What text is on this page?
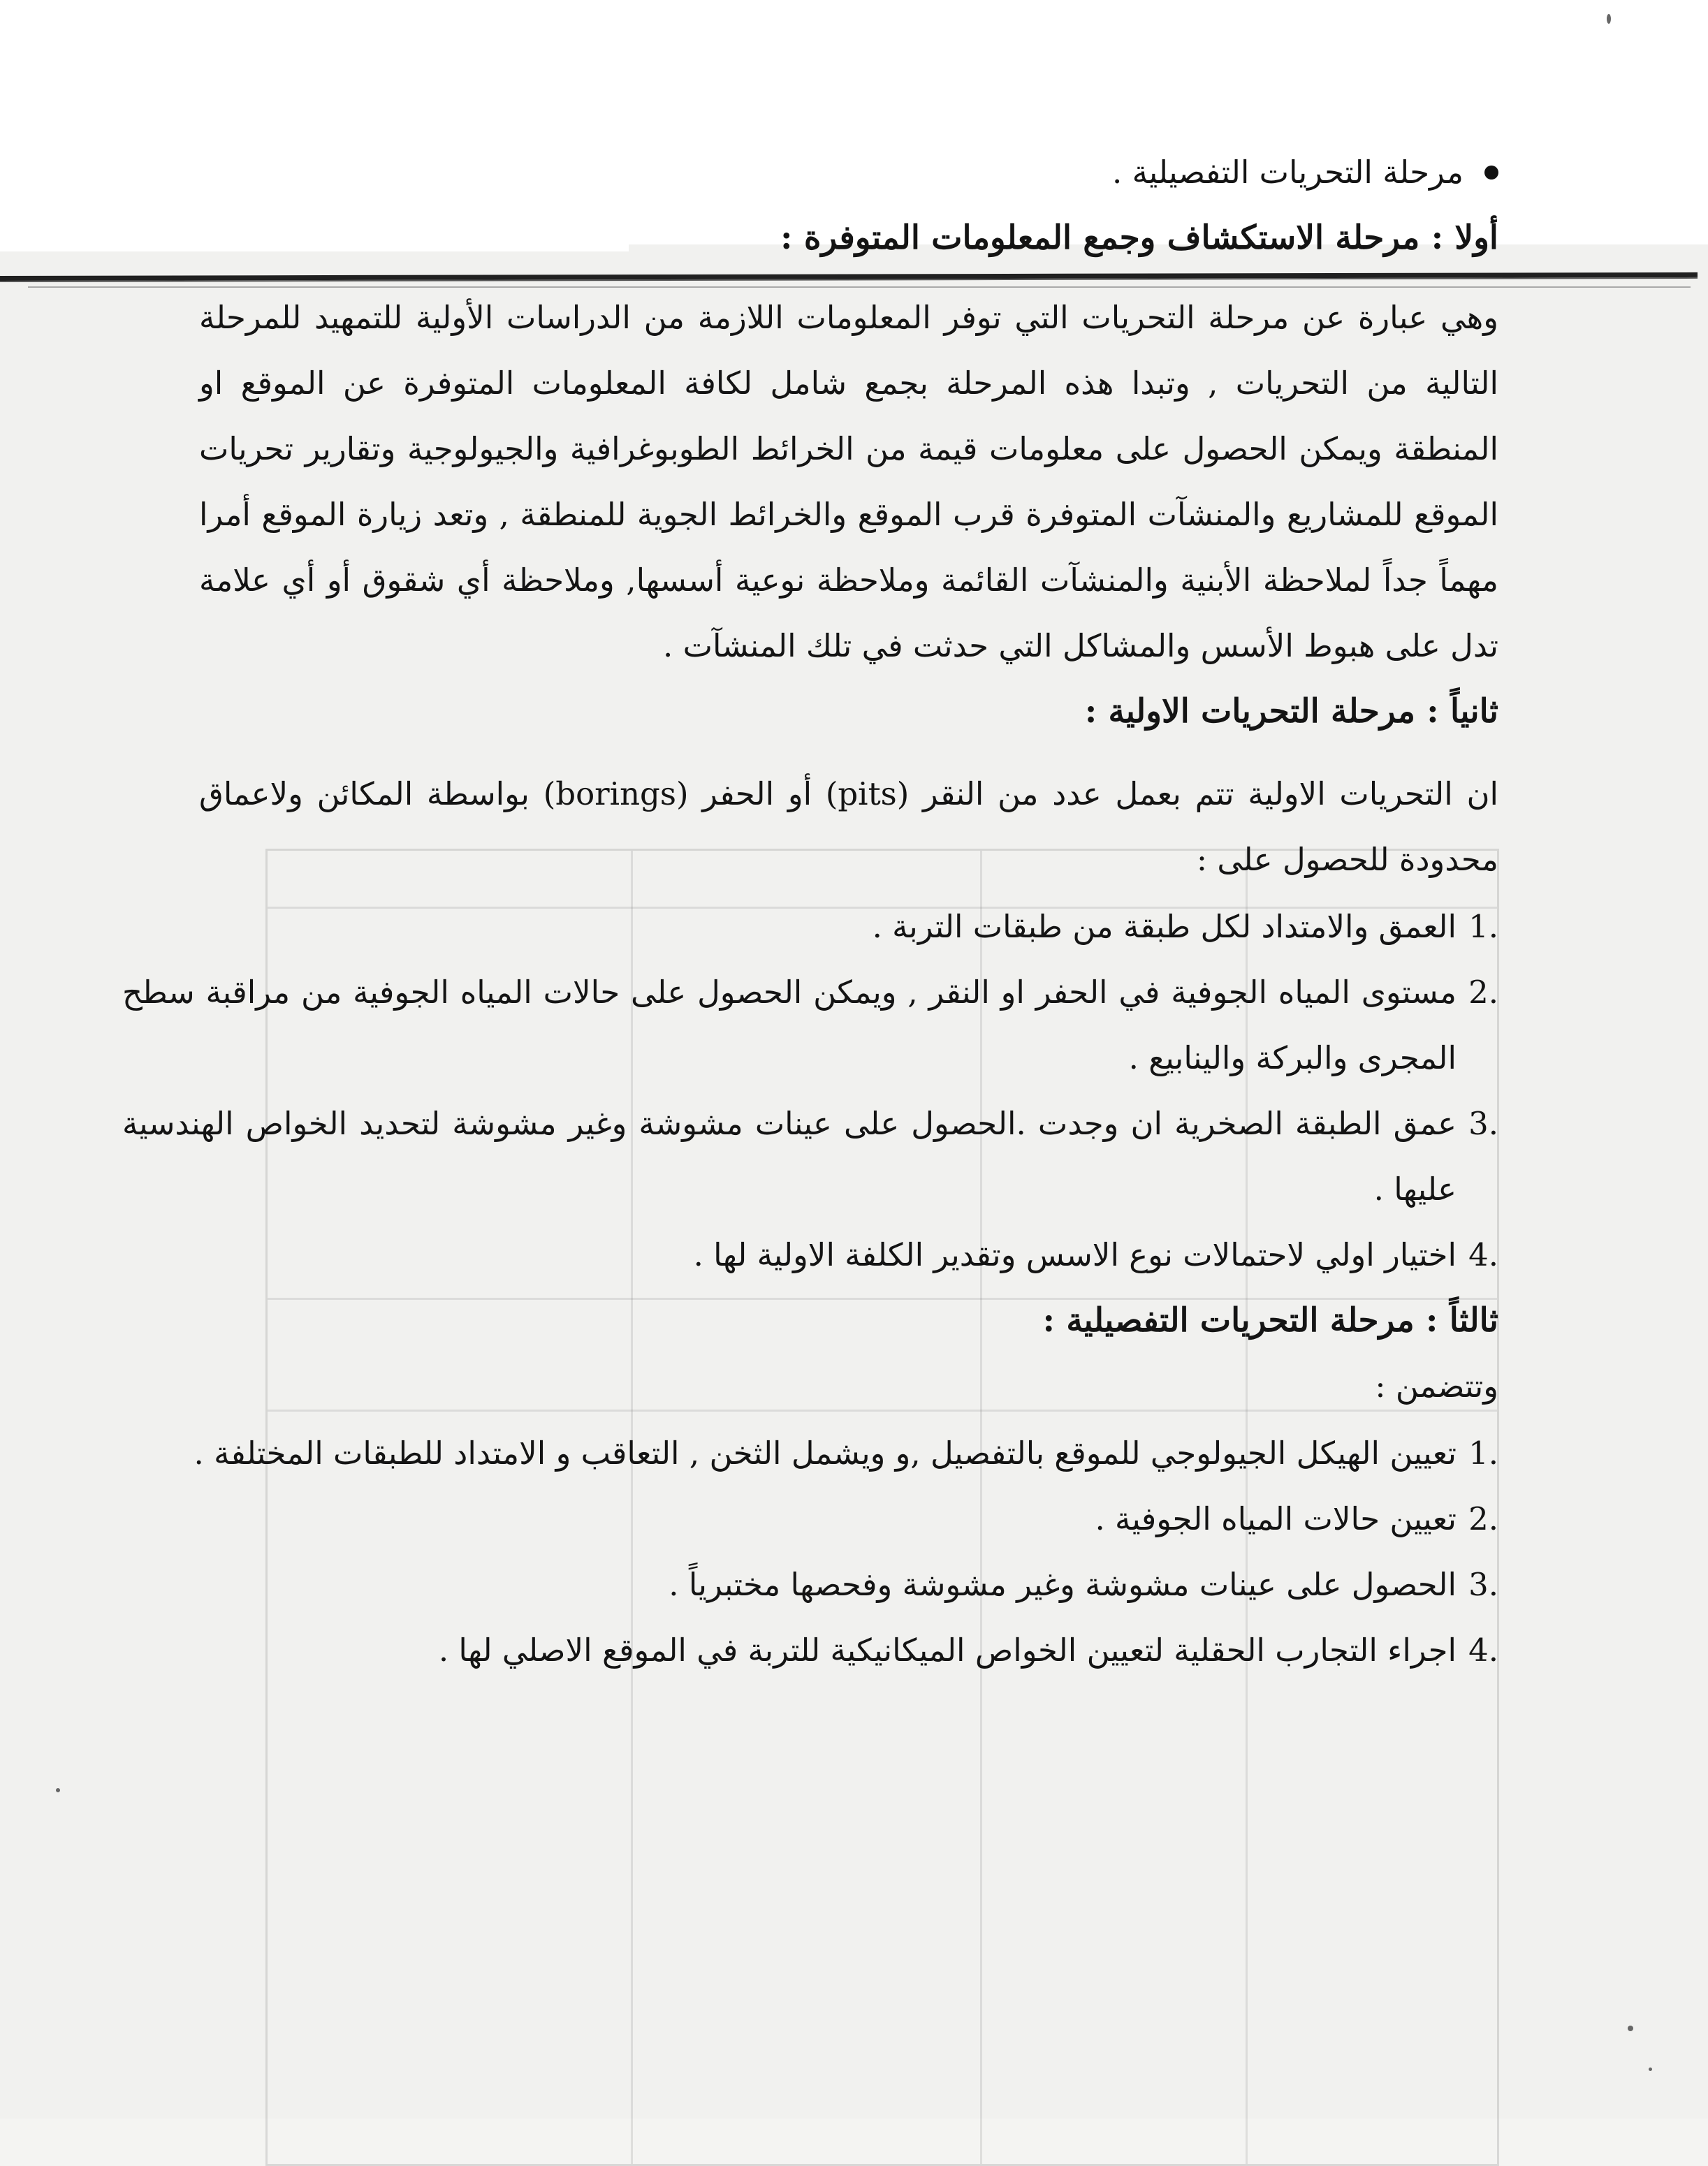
مرحلة التحريات التفصيلية .

أولا : مرحلة الاستكشاف وجمع المعلومات المتوفرة :

وهي عبارة عن مرحلة التحريات التي توفر المعلومات اللازمة من الدراسات الأولية للتمهيد للمرحلة التالية من التحريات , وتبدا هذه المرحلة بجمع شامل لكافة المعلومات المتوفرة عن الموقع او المنطقة ويمكن الحصول على معلومات قيمة من الخرائط الطوبوغرافية والجيولوجية وتقارير تحريات الموقع للمشاريع والمنشآت المتوفرة قرب الموقع والخرائط الجوية للمنطقة , وتعد زيارة الموقع أمرا مهماً جداً لملاحظة الأبنية والمنشآت القائمة وملاحظة نوعية أسسها, وملاحظة أي شقوق أو أي علامة تدل على هبوط الأسس والمشاكل التي حدثت في تلك المنشآت .

ثانياً : مرحلة التحريات الاولية :

ان التحريات الاولية تتم بعمل عدد من النقر (pits) أو الحفر (borings) بواسطة المكائن ولاعماق محدودة للحصول على :

1.
العمق والامتداد لكل طبقة من طبقات التربة .
2.
مستوى المياه الجوفية في الحفر او النقر , ويمكن الحصول على حالات المياه الجوفية من مراقبة سطح المجرى والبركة والينابيع .
3.
عمق الطبقة الصخرية ان وجدت .الحصول على عينات مشوشة وغير مشوشة لتحديد الخواص الهندسية عليها .
4.
اختيار اولي لاحتمالات نوع الاسس وتقدير الكلفة الاولية لها .
ثالثاً : مرحلة التحريات التفصيلية :

وتتضمن :

1.
تعيين الهيكل الجيولوجي للموقع بالتفصيل ,و ويشمل الثخن , التعاقب و الامتداد للطبقات المختلفة .
2.
تعيين حالات المياه الجوفية .
3.
الحصول على عينات مشوشة وغير مشوشة وفحصها مختبرياً .
4.
اجراء التجارب الحقلية لتعيين الخواص الميكانيكية للتربة في الموقع الاصلي لها .
